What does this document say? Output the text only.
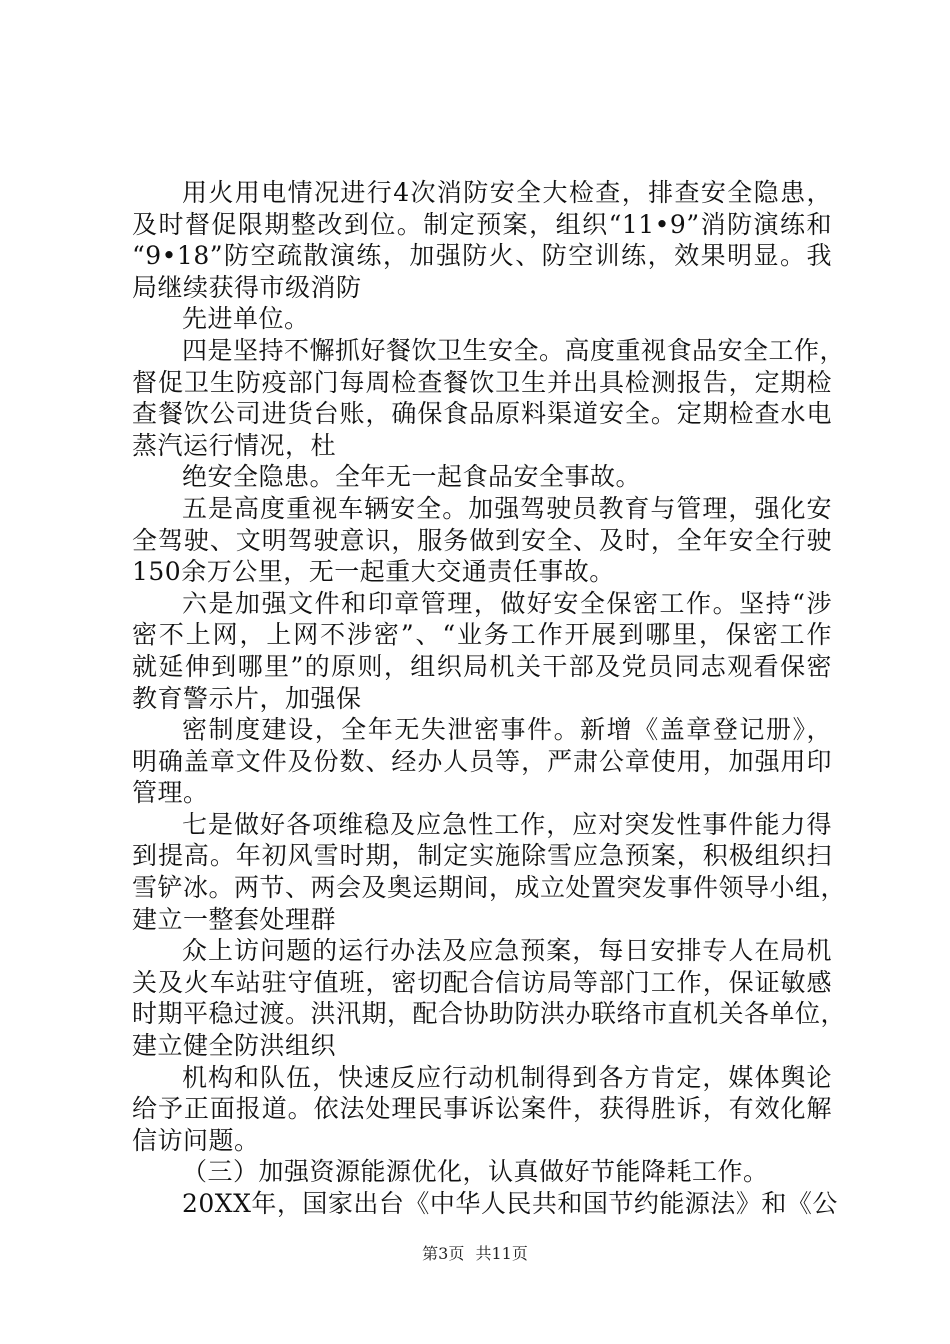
用火用电情况进行4次消防安全大检查，排查安全隐患，
及时督促限期整改到位。制定预案，组织“11•9”消防演练和
“9•18”防空疏散演练，加强防火、防空训练，效果明显。我
局继续获得市级消防
先进单位。
四是坚持不懈抓好餐饮卫生安全。高度重视食品安全工作，
督促卫生防疫部门每周检查餐饮卫生并出具检测报告，定期检
查餐饮公司进货台账，确保食品原料渠道安全。定期检查水电
蒸汽运行情况，杜
绝安全隐患。全年无一起食品安全事故。
五是高度重视车辆安全。加强驾驶员教育与管理，强化安
全驾驶、文明驾驶意识，服务做到安全、及时，全年安全行驶
150余万公里，无一起重大交通责任事故。
六是加强文件和印章管理，做好安全保密工作。坚持“涉
密不上网，上网不涉密”、“业务工作开展到哪里，保密工作
就延伸到哪里”的原则，组织局机关干部及党员同志观看保密
教育警示片，加强保
密制度建设，全年无失泄密事件。新增《盖章登记册》，
明确盖章文件及份数、经办人员等，严肃公章使用，加强用印
管理。
七是做好各项维稳及应急性工作，应对突发性事件能力得
到提高。年初风雪时期，制定实施除雪应急预案，积极组织扫
雪铲冰。两节、两会及奥运期间，成立处置突发事件领导小组，
建立一整套处理群
众上访问题的运行办法及应急预案，每日安排专人在局机
关及火车站驻守值班，密切配合信访局等部门工作，保证敏感
时期平稳过渡。洪汛期，配合协助防洪办联络市直机关各单位，
建立健全防洪组织
机构和队伍，快速反应行动机制得到各方肯定，媒体舆论
给予正面报道。依法处理民事诉讼案件，获得胜诉，有效化解
信访问题。
（三）加强资源能源优化，认真做好节能降耗工作。
20XX年，国家出台《中华人民共和国节约能源法》和《公
第3页 共11页
